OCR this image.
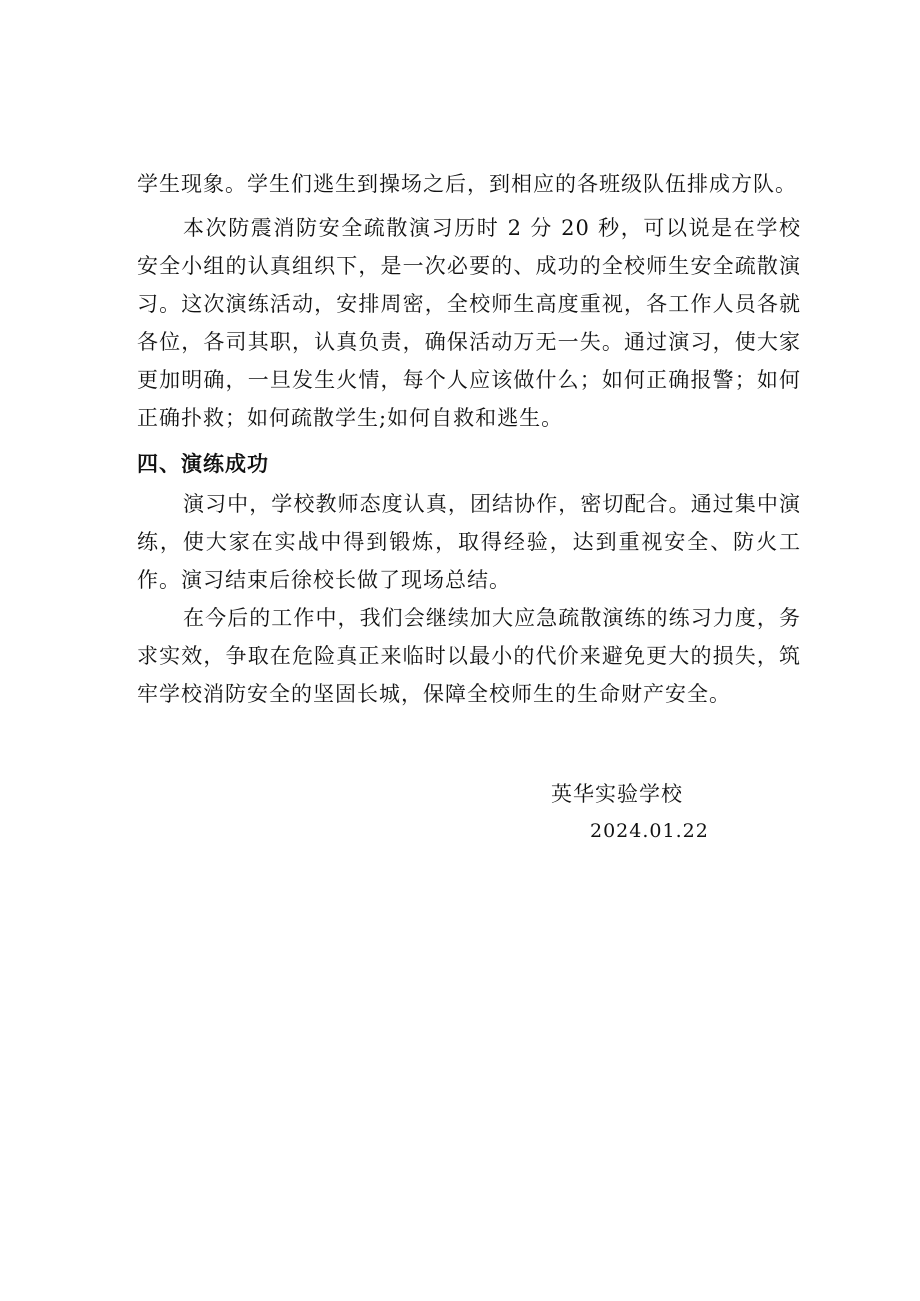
学生现象。学生们逃生到操场之后，到相应的各班级队伍排成方队。

本次防震消防安全疏散演习历时 2 分 20 秒，可以说是在学校安全小组的认真组织下，是一次必要的、成功的全校师生安全疏散演习。这次演练活动，安排周密，全校师生高度重视，各工作人员各就各位，各司其职，认真负责，确保活动万无一失。通过演习，使大家更加明确，一旦发生火情，每个人应该做什么；如何正确报警；如何正确扑救；如何疏散学生;如何自救和逃生。

四、演练成功

演习中，学校教师态度认真，团结协作，密切配合。通过集中演练，使大家在实战中得到锻炼，取得经验，达到重视安全、防火工作。演习结束后徐校长做了现场总结。

在今后的工作中，我们会继续加大应急疏散演练的练习力度，务求实效，争取在危险真正来临时以最小的代价来避免更大的损失，筑牢学校消防安全的坚固长城，保障全校师生的生命财产安全。

英华实验学校
2024.01.22
